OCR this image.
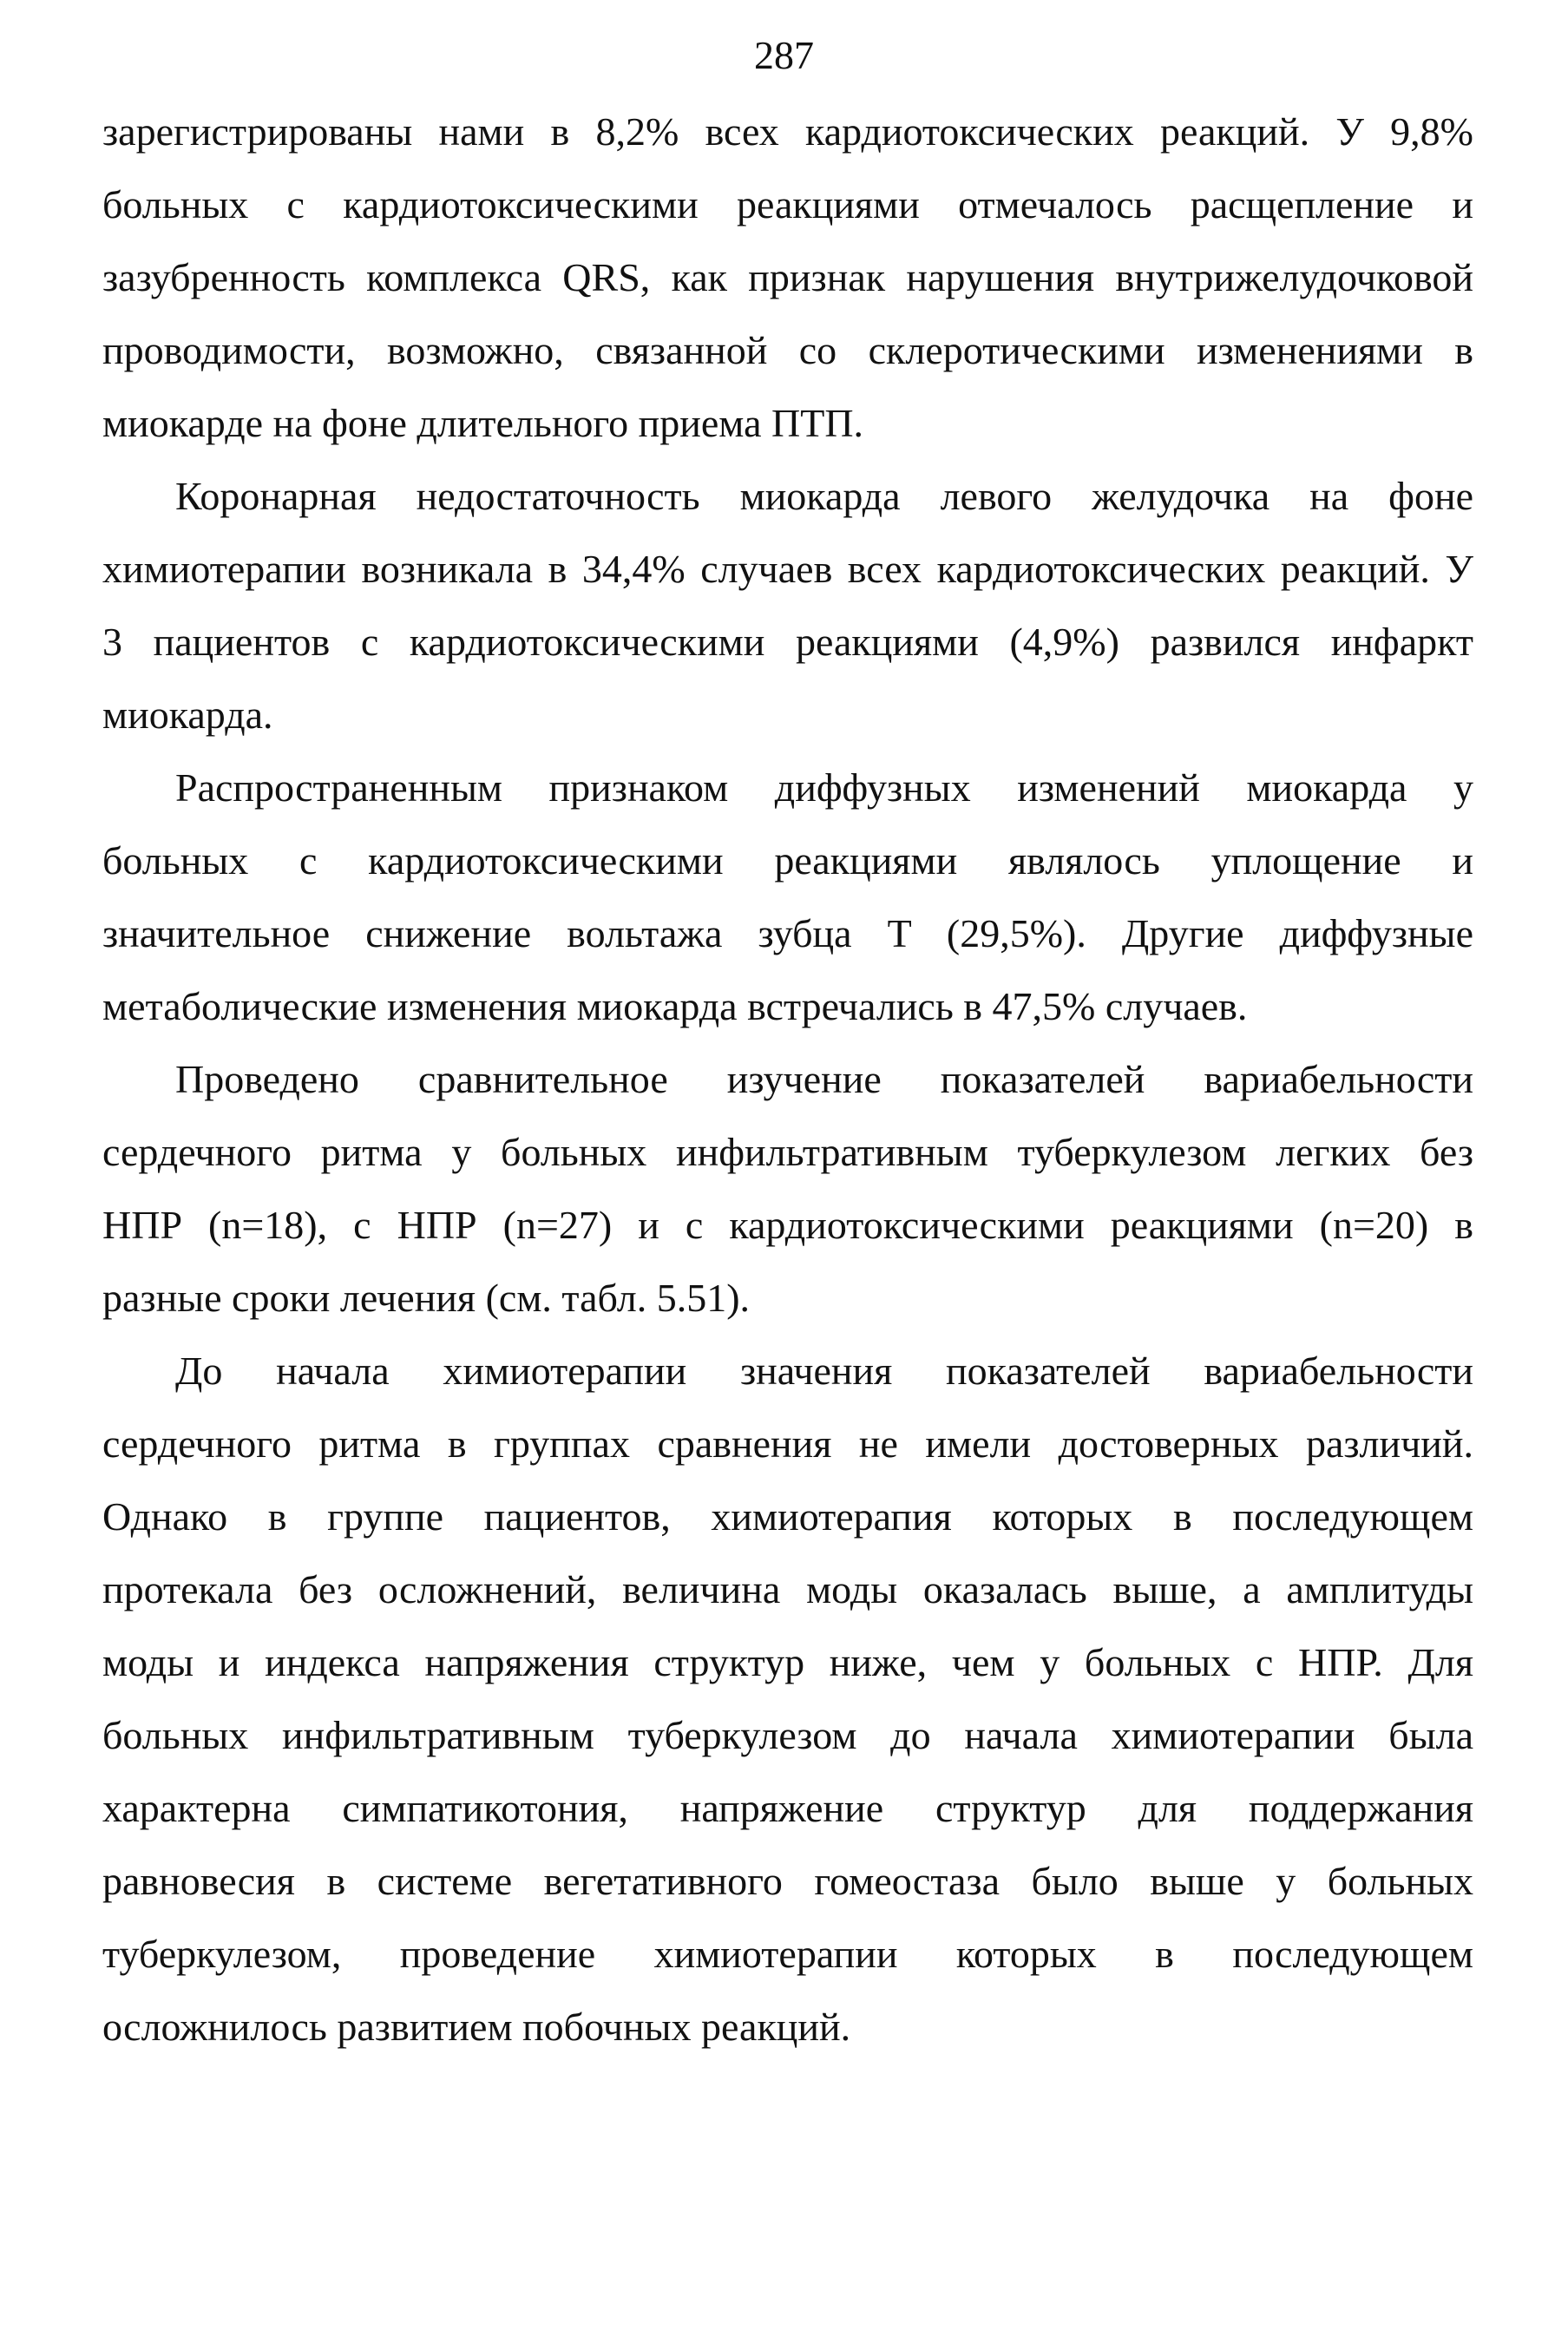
287

зарегистрированы нами в 8,2% всех кардиотоксических реакций. У 9,8%
больных с кардиотоксическими реакциями отмечалось расщепление и
зазубренность комплекса QRS, как признак нарушения внутрижелудочковой
проводимости, возможно, связанной со склеротическими изменениями в
миокарде на фоне длительного приема ПТП.

Коронарная недостаточность миокарда левого желудочка на фоне
химиотерапии возникала в 34,4% случаев всех кардиотоксических реакций. У
3 пациентов с кардиотоксическими реакциями (4,9%) развился инфаркт
миокарда.

Распространенным признаком диффузных изменений миокарда у
больных с кардиотоксическими реакциями являлось уплощение и
значительное снижение вольтажа зубца T (29,5%). Другие диффузные
метаболические изменения миокарда встречались в 47,5% случаев.

Проведено сравнительное изучение показателей вариабельности
сердечного ритма у больных инфильтративным туберкулезом легких без
НПР (n=18), с НПР (n=27) и с кардиотоксическими реакциями (n=20) в
разные сроки лечения (см. табл. 5.51).

До начала химиотерапии значения показателей вариабельности
сердечного ритма в группах сравнения не имели достоверных различий.
Однако в группе пациентов, химиотерапия которых в последующем
протекала без осложнений, величина моды оказалась выше, а амплитуды
моды и индекса напряжения структур ниже, чем у больных с НПР. Для
больных инфильтративным туберкулезом до начала химиотерапии была
характерна симпатикотония, напряжение структур для поддержания
равновесия в системе вегетативного гомеостаза было выше у больных
туберкулезом, проведение химиотерапии которых в последующем
осложнилось развитием побочных реакций.
